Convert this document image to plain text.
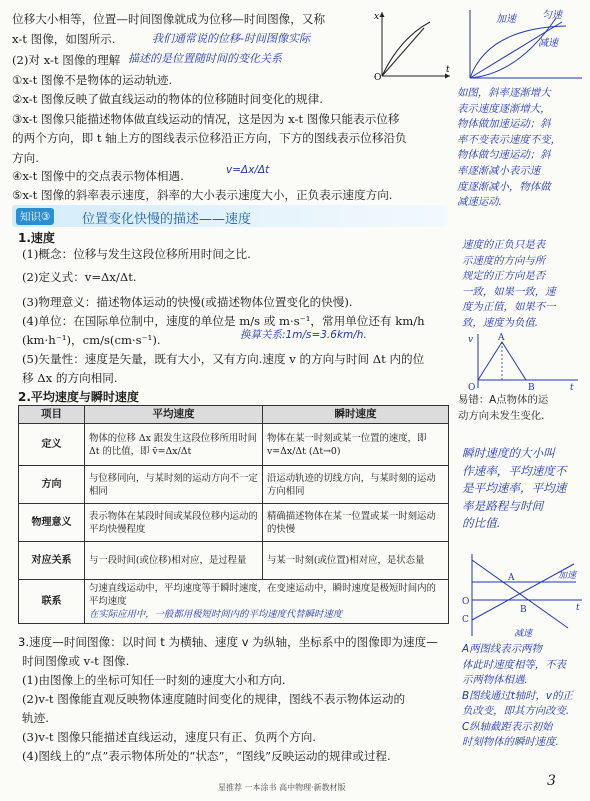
x
O
t
位移大小相等，位置—时间图像就成为位移—时间图像，又称
x-t 图像，如图所示.	我们通常说的位移-时间图像实际
(2)对 x-t 图像的理解 描述的是位置随时间的变化关系
①x-t 图像不是物体的运动轨迹.
②x-t 图像反映了做直线运动的物体的位移随时间变化的规律.
③x-t 图像只能描述物体做直线运动的情况，这是因为 x-t 图像只能表示位移
的两个方向，即 t 轴上方的图线表示位移沿正方向，下方的图线表示位移沿负
方向.
④x-t 图像中的交点表示物体相遇.	v=Δx/Δt
⑤x-t 图像的斜率表示速度，斜率的大小表示速度大小，正负表示速度方向.
知识③	位置变化快慢的描述——速度
1.速度
(1)概念：位移与发生这段位移所用时间之比.
(2)定义式：v=Δx/Δt.
(3)物理意义：描述物体运动的快慢(或描述物体位置变化的快慢).
(4)单位：在国际单位制中，速度的单位是 m/s 或 m·s⁻¹，常用单位还有 km/h
(km·h⁻¹)，cm/s(cm·s⁻¹).	换算关系:1m/s=3.6km/h.
(5)矢量性：速度是矢量，既有大小，又有方向.速度 v 的方向与时间 Δt 内的位
移 Δx 的方向相同.
2.平均速度与瞬时速度
项目	平均速度	瞬时速度
定义	物体的位移 Δx 跟发生这段位移所用时间 Δt 的比值，即 v̄=Δx/Δt	物体在某一时刻或某一位置的速度，即 v=Δx/Δt (Δt→0)
方向	与位移同向，与某时刻的运动方向不一定相同	沿运动轨迹的切线方向，与某时刻的运动方向相同
物理意义	表示物体在某段时间或某段位移内运动的平均快慢程度	精确描述物体在某一位置或某一时刻运动的快慢
对应关系	与一段时间(或位移)相对应，是过程量	与某一时刻(或位置)相对应，是状态量
联系	匀速直线运动中，平均速度等于瞬时速度，在变速运动中，瞬时速度是极短时间内的平均速度
在实际应用中，一般都用极短时间内的平均速度代替瞬时速度	
3.速度—时间图像：以时间 t 为横轴、速度 v 为纵轴，坐标系中的图像即为速度—
时间图像或 v-t 图像.
(1)由图像上的坐标可知任一时刻的速度大小和方向.
(2)v-t 图像能直观反映物体速度随时间变化的规律，图线不表示物体运动的
轨迹.
(3)v-t 图像只能描述直线运动，速度只有正、负两个方向.
(4)图线上的“点”表示物体所处的“状态”，“图线”反映运动的规律或过程.
星推荐 一本涂书 高中物理·新教材版	3
加速	匀速
减速
如图，斜率逐渐增大
表示速度逐渐增大，
物体做加速运动；斜
率不变表示速度不变，
物体做匀速运动；斜
率逐渐减小表示速
度逐渐减小，物体做
减速运动.
速度的正负只是表
示速度的方向与所
规定的正方向是否
一致，如果一致，速
度为正值，如果不一
致，速度为负值.
A
v
O	B	t
易错：A点物体的运
动方向未发生变化.
瞬时速度的大小叫
作速率，平均速度不
是平均速率，平均速
率是路程与时间
的比值.
加速
减速
A
B
C
O
t
A两图线表示两物
体此时速度相等，不表
示两物体相遇.
B图线通过t轴时，v的正
负改变，即其方向改变.
C纵轴截距表示初始
时刻物体的瞬时速度.
